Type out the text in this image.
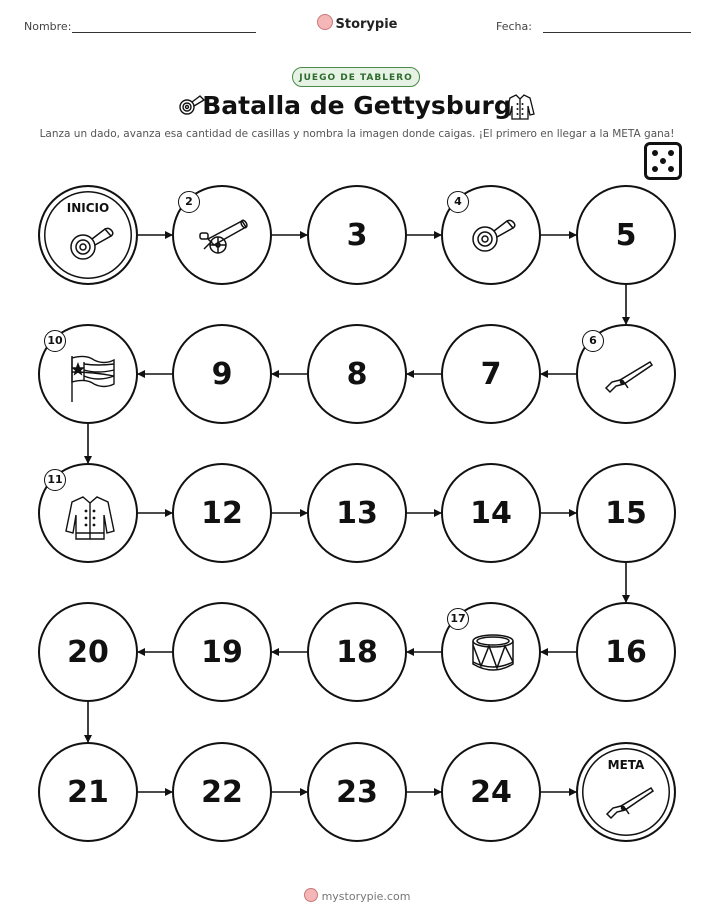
Nombre:	Storypie	Fecha:
JUEGO DE TABLERO
Batalla de Gettysburg
Lanza un dado, avanza esa cantidad de casillas y nombra la imagen donde caigas. ¡El primero en llegar a la META gana!
INICIO	2
3
4
5
6
7
8
9
10
11
12	13	14	15
16
17
18
19
20
21	22	23	24
META
mystorypie.com
